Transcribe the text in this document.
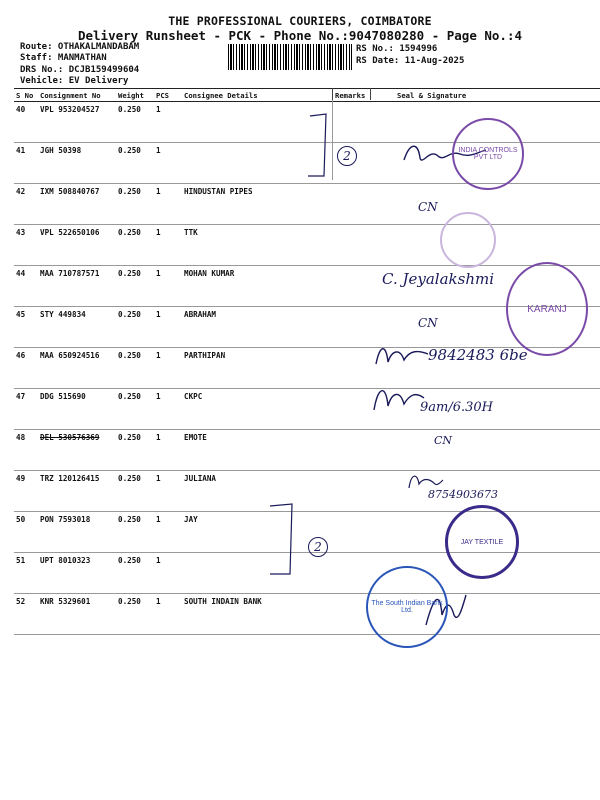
THE PROFESSIONAL COURIERS, COIMBATORE
Delivery Runsheet - PCK - Phone No.:9047080280 - Page No.:4
Route: OTHAKALMANDABAM
Staff: MANMATHAN
DRS No.: DCJB159499604
Vehicle: EV Delivery
RS No.: 1594996
RS Date: 11-Aug-2025
S No	Consignment No	Weight	PCS	Consignee Details	Remarks	Seal & Signature
40	VPL 953204527	0.250	1			
41	JGH 50398	0.250	1			
42	IXM 508840767	0.250	1	HINDUSTAN PIPES		
43	VPL 522650106	0.250	1	TTK		
44	MAA 710787571	0.250	1	MOHAN KUMAR		
45	STY 449834	0.250	1	ABRAHAM		
46	MAA 650924516	0.250	1	PARTHIPAN		
47	DDG 515690	0.250	1	CKPC		
48	DEL 530576369	0.250	1	EMOTE		
49	TRZ 120126415	0.250	1	JULIANA		
50	PON 7593018	0.250	1	JAY		
51	UPT 8010323	0.250	1			
52	KNR 5329601	0.250	1	SOUTH INDAIN BANK		
2
2
CN
CN
CN
C. Jeyalakshmi
9842483 6be
9am/6.30H
8754903673
INDIA CONTROLS PVT LTD
KARANJ
JAY TEXTILE
The South Indian Bank Ltd.
